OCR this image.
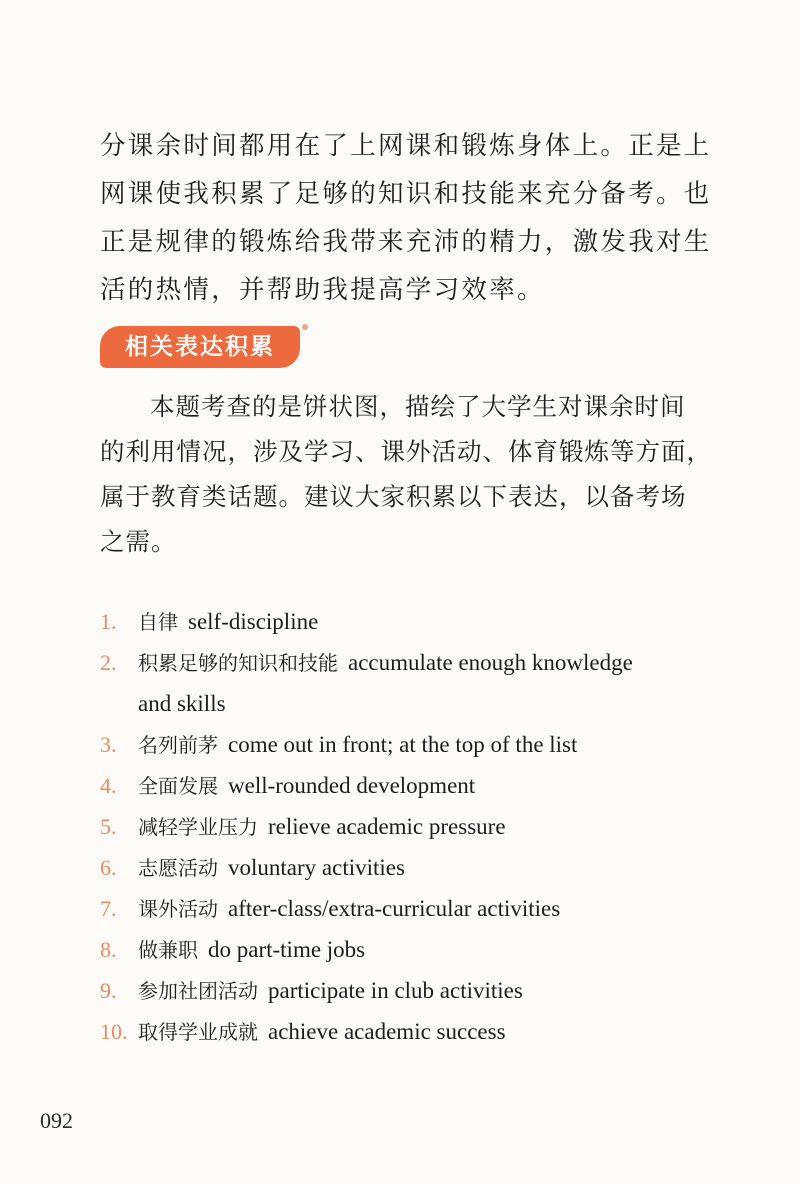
分课余时间都用在了上网课和锻炼身体上。正是上
网课使我积累了足够的知识和技能来充分备考。也
正是规律的锻炼给我带来充沛的精力，激发我对生
活的热情，并帮助我提高学习效率。
相关表达积累
本题考查的是饼状图，描绘了大学生对课余时间
的利用情况，涉及学习、课外活动、体育锻炼等方面，
属于教育类话题。建议大家积累以下表达，以备考场
之需。
1. 自律 self-discipline
2. 积累足够的知识和技能 accumulate enough knowledge
and skills
3. 名列前茅 come out in front; at the top of the list
4. 全面发展 well-rounded development
5. 减轻学业压力 relieve academic pressure
6. 志愿活动 voluntary activities
7. 课外活动 after-class/extra-curricular activities
8. 做兼职 do part-time jobs
9. 参加社团活动 participate in club activities
10. 取得学业成就 achieve academic success
092
